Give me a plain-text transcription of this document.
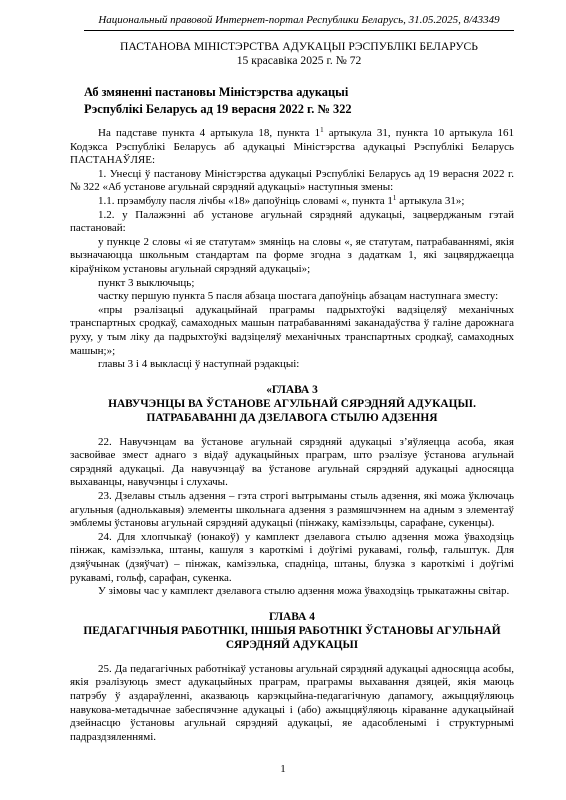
Национальный правовой Интернет-портал Республики Беларусь, 31.05.2025, 8/43349
ПАСТАНОВА МІНІСТЭРСТВА АДУКАЦЫІ РЭСПУБЛІКІ БЕЛАРУСЬ
15 красавіка 2025 г. № 72
Аб змяненні пастановы Міністэрства адукацыі
Рэспублікі Беларусь ад 19 верасня 2022 г. № 322

На падставе пункта 4 артыкула 18, пункта $1^1$ артыкула 31, пункта 10 артыкула 161 Кодэкса Рэспублікі Беларусь аб адукацыі Міністэрства адукацыі Рэспублікі Беларусь ПАСТАНАЎЛЯЕ:

1. Унесці ў пастанову Міністэрства адукацыі Рэспублікі Беларусь ад 19 верасня 2022 г. № 322 «Аб установе агульнай сярэдняй адукацыі» наступныя змены:

1.1. прэамбулу пасля лічбы «18» дапоўніць словамі «, пункта $1^1$ артыкула 31»;

1.2. у Палажэнні аб установе агульнай сярэдняй адукацыі, зацверджаным гэтай пастановай:

у пункце 2 словы «і яе статутам» змяніць на словы «, яе статутам, патрабаваннямі, якія вызначаюцца школьным стандартам па форме згодна з дадаткам 1, які зацвярджаецца кіраўніком установы агульнай сярэдняй адукацыі»;

пункт 3 выключыць;

частку першую пункта 5 пасля абзаца шостага дапоўніць абзацам наступнага зместу:

«пры рэалізацыі адукацыйнай праграмы падрыхтоўкі вадзіцеляў механічных транспартных сродкаў, самаходных машын патрабаваннямі заканадаўства ў галіне дарожнага руху, у тым ліку да падрыхтоўкі вадзіцеляў механічных транспартных сродкаў, самаходных машын;»;

главы 3 і 4 выкласці ў наступнай рэдакцыі:

«ГЛАВА 3
НАВУЧЭНЦЫ ВА ЎСТАНОВЕ АГУЛЬНАЙ СЯРЭДНЯЙ АДУКАЦЫІ.
ПАТРАБАВАННІ ДА ДЗЕЛАВОГА СТЫЛЮ АДЗЕННЯ

22. Навучэнцам ва ўстанове агульнай сярэдняй адукацыі з’яўляецца асоба, якая засвойвае змест аднаго з відаў адукацыйных праграм, што рэалізуе ўстанова агульнай сярэдняй адукацыі. Да навучэнцаў ва ўстанове агульнай сярэдняй адукацыі адносяцца выхаванцы, навучэнцы і слухачы.

23. Дзелавы стыль адзення – гэта строгі вытрыманы стыль адзення, які можа ўключаць агульныя (аднолькавыя) элементы школьнага адзення з размяшчэннем на адным з элементаў эмблемы ўстановы агульнай сярэдняй адукацыі (пінжаку, камізэльцы, сарафане, сукенцы).

24. Для хлопчыкаў (юнакоў) у камплект дзелавога стылю адзення можа ўваходзіць пінжак, камізэлька, штаны, кашуля з кароткімі і доўгімі рукавамі, гольф, гальштук. Для дзяўчынак (дзяўчат) – пінжак, камізэлька, спадніца, штаны, блузка з кароткімі і доўгімі рукавамі, гольф, сарафан, сукенка.

У зімовы час у камплект дзелавога стылю адзення можа ўваходзіць трыкатажны світар.

ГЛАВА 4
ПЕДАГАГІЧНЫЯ РАБОТНІКІ, ІНШЫЯ РАБОТНІКІ ЎСТАНОВЫ АГУЛЬНАЙ
СЯРЭДНЯЙ АДУКАЦЫІ

25. Да педагагічных работнікаў установы агульнай сярэдняй адукацыі адносяцца асобы, якія рэалізуюць змест адукацыйных праграм, праграмы выхавання дзяцей, якія маюць патрэбу ў аздараўленні, аказваюць карэкцыйна-педагагічную дапамогу, ажыццяўляюць навукова-метадычнае забеспячэнне адукацыі і (або) ажыццяўляюць кіраванне адукацыйнай дзейнасцю ўстановы агульнай сярэдняй адукацыі, яе адасобленымі і структурнымі падраздзяленнямі.

1
